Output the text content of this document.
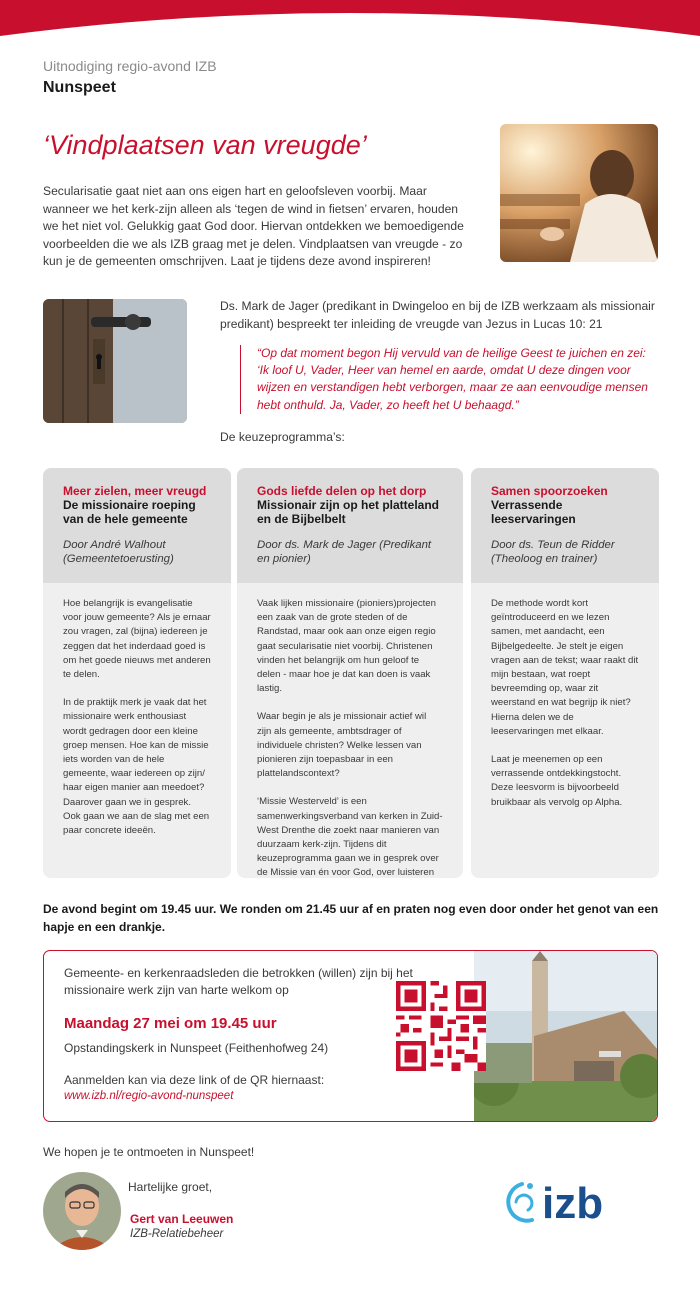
Uitnodiging regio-avond IZB
Nunspeet
‘Vindplaatsen van vreugde’
Secularisatie gaat niet aan ons eigen hart en geloofsleven voorbij. Maar wanneer we het kerk-zijn alleen als ‘tegen de wind in fietsen’ ervaren, houden we het niet vol. Gelukkig gaat God door. Hiervan ontdekken we bemoedigende voorbeelden die we als IZB graag met je delen. Vindplaatsen van vreugde - zo kun je de gemeenten omschrijven. Laat je tijdens deze avond inspireren!
Ds. Mark de Jager (predikant in Dwingeloo en bij de IZB werkzaam als missionair predikant) bespreekt ter inleiding de vreugde van Jezus in Lucas 10: 21
“Op dat moment begon Hij vervuld van de heilige Geest te juichen en zei: ‘Ik loof U, Vader, Heer van hemel en aarde, omdat U deze dingen voor wijzen en verstandigen hebt verborgen, maar ze aan eenvoudige mensen hebt onthuld. Ja, Vader, zo heeft het U behaagd.”
De keuzeprogramma’s:
Meer zielen, meer vreugd
De missionaire roeping van de hele gemeente
Door André Walhout (Gemeentetoerusting)

Hoe belangrijk is evangelisatie voor jouw gemeente? Als je ernaar zou vragen, zal (bijna) iedereen je zeggen dat het inderdaad goed is om het goede nieuws met anderen te delen.

In de praktijk merk je vaak dat het missionaire werk enthousiast wordt gedragen door een kleine groep mensen. Hoe kan de missie iets worden van de hele gemeente, waar iedereen op zijn/ haar eigen manier aan meedoet? Daarover gaan we in gesprek. Ook gaan we aan de slag met een paar concrete ideeën.

Gods liefde delen op het dorp
Missionair zijn op het platteland en de Bijbelbelt
Door ds. Mark de Jager (Predikant en pionier)

Vaak lijken missionaire (pioniers)projecten een zaak van de grote steden of de Randstad, maar ook aan onze eigen regio gaat secularisatie niet voorbij. Christenen vinden het belangrijk om hun geloof te delen - maar hoe je dat kan doen is vaak lastig.

Waar begin je als je missionair actief wil zijn als gemeente, ambtsdrager of individuele christen? Welke lessen van pionieren zijn toepasbaar in een plattelandscontext?

‘Missie Westerveld’ is een samenwerkingsverband van kerken in Zuid-West Drenthe die zoekt naar manieren van duurzaam kerk-zijn. Tijdens dit keuzeprogramma gaan we in gesprek over de Missie van én voor God, over luisteren

Samen spoorzoeken
Verrassende leeservaringen
Door ds. Teun de Ridder (Theoloog en trainer)

De methode wordt kort geïntroduceerd en we lezen samen, met aandacht, een Bijbelgedeelte. Je stelt je eigen vragen aan de tekst; waar raakt dit mijn bestaan, wat roept bevreemding op, waar zit weerstand en wat begrijp ik niet? Hierna delen we de leeservaringen met elkaar.

Laat je meenemen op een verrassende ontdekkingstocht. Deze leesvorm is bijvoorbeeld bruikbaar als vervolg op Alpha.

De avond begint om 19.45 uur. We ronden om 21.45 uur af en praten nog even door onder het genot van een hapje en een drankje.
Gemeente- en kerkenraadsleden die betrokken (willen) zijn bij het missionaire werk zijn van harte welkom op
Maandag 27 mei om 19.45 uur
Opstandingskerk in Nunspeet (Feithenhofweg 24)
Aanmelden kan via deze link of de QR hiernaast:
www.izb.nl/regio-avond-nunspeet
We hopen je te ontmoeten in Nunspeet!
Hartelijke groet,
Gert van Leeuwen
IZB-Relatiebeheer
izb
